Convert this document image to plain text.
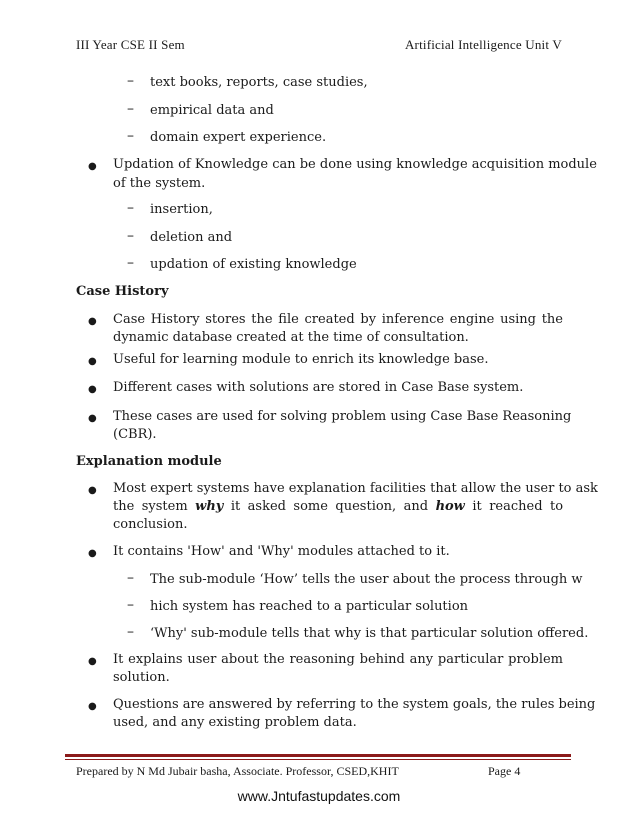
III Year CSE II Sem	Artificial Intelligence Unit V
– text books, reports, case studies,
– empirical data and
– domain expert experience.
● Updation of Knowledge can be done using knowledge acquisition module
of the system.
– insertion,
– deletion and
– updation of existing knowledge
Case History
● Case History stores the file created by inference engine using the
dynamic database created at the time of consultation.
● Useful for learning module to enrich its knowledge base.
● Different cases with solutions are stored in Case Base system.
● These cases are used for solving problem using Case Base Reasoning
(CBR).
Explanation module
● Most expert systems have explanation facilities that allow the user to ask
the system why it asked some question, and how it reached to
conclusion.
● It contains 'How' and 'Why' modules attached to it.
– The sub-module ‘How’ tells the user about the process through w
– hich system has reached to a particular solution
– ‘Why' sub-module tells that why is that particular solution offered.
● It explains user about the reasoning behind any particular problem
solution.
● Questions are answered by referring to the system goals, the rules being
used, and any existing problem data.
Prepared by N Md Jubair basha, Associate. Professor, CSED,KHIT	Page 4
www.Jntufastupdates.com
